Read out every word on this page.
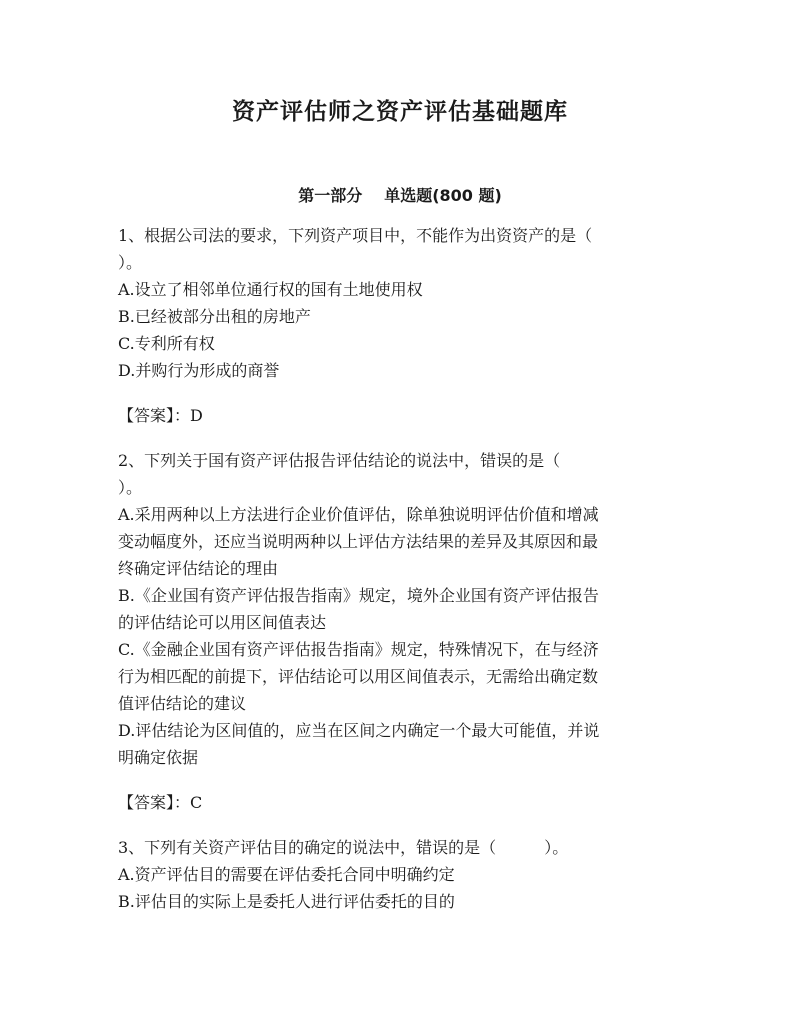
资产评估师之资产评估基础题库
第一部分 单选题(800 题)
1、根据公司法的要求，下列资产项目中，不能作为出资资产的是（
）。
A.设立了相邻单位通行权的国有土地使用权
B.已经被部分出租的房地产
C.专利所有权
D.并购行为形成的商誉
【答案】：D
2、下列关于国有资产评估报告评估结论的说法中，错误的是（
）。
A.采用两种以上方法进行企业价值评估，除单独说明评估价值和增减
变动幅度外，还应当说明两种以上评估方法结果的差异及其原因和最
终确定评估结论的理由
B.《企业国有资产评估报告指南》规定，境外企业国有资产评估报告
的评估结论可以用区间值表达
C.《金融企业国有资产评估报告指南》规定，特殊情况下，在与经济
行为相匹配的前提下，评估结论可以用区间值表示，无需给出确定数
值评估结论的建议
D.评估结论为区间值的，应当在区间之内确定一个最大可能值，并说
明确定依据
【答案】：C
3、下列有关资产评估目的确定的说法中，错误的是（	）。
A.资产评估目的需要在评估委托合同中明确约定
B.评估目的实际上是委托人进行评估委托的目的
